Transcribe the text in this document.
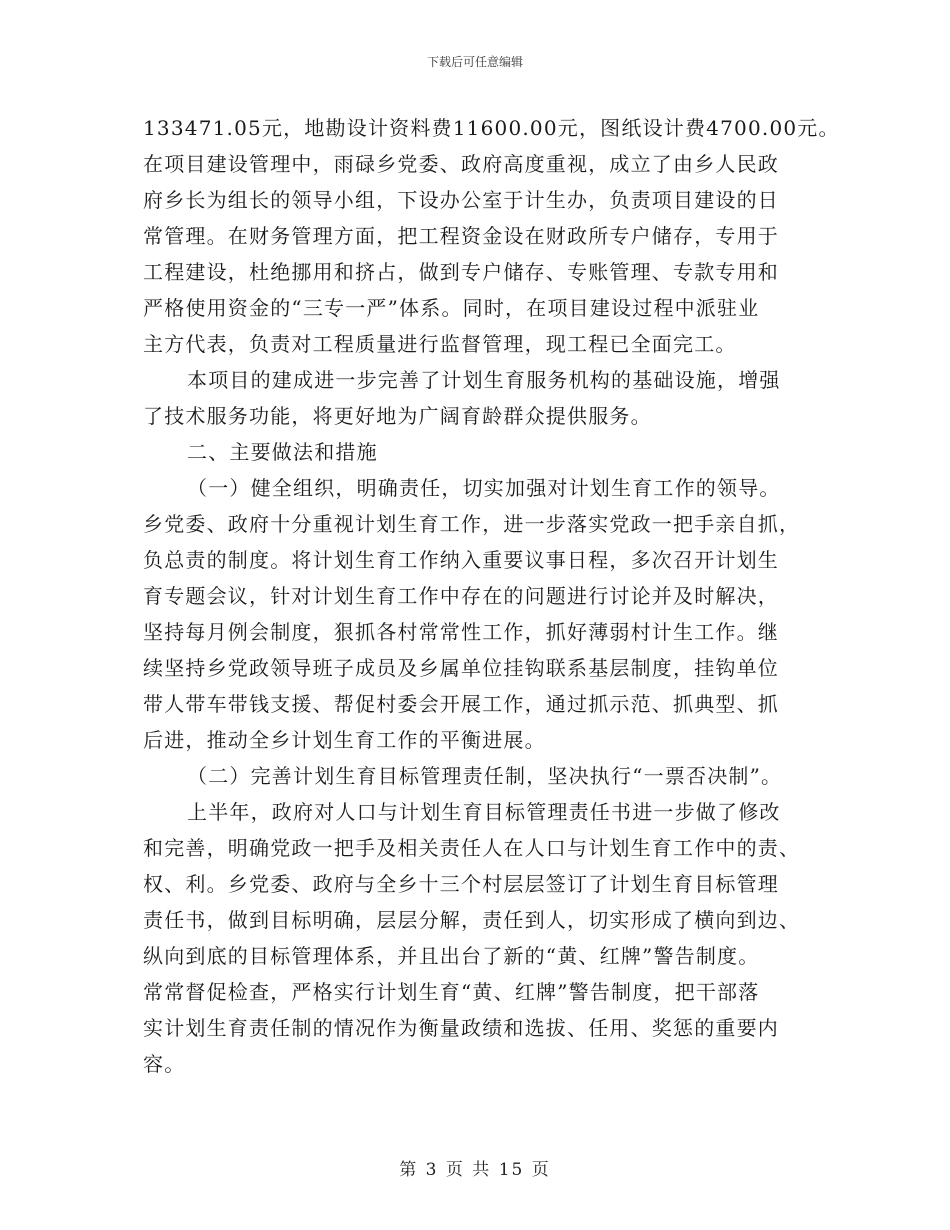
下载后可任意编辑
133471.05元，地勘设计资料费11600.00元，图纸设计费4700.00元。
在项目建设管理中，雨碌乡党委、政府高度重视，成立了由乡人民政
府乡长为组长的领导小组，下设办公室于计生办，负责项目建设的日
常管理。在财务管理方面，把工程资金设在财政所专户储存，专用于
工程建设，杜绝挪用和挤占，做到专户储存、专账管理、专款专用和
严格使用资金的“三专一严”体系。同时，在项目建设过程中派驻业
主方代表，负责对工程质量进行监督管理，现工程已全面完工。
本项目的建成进一步完善了计划生育服务机构的基础设施，增强
了技术服务功能，将更好地为广阔育龄群众提供服务。
二、主要做法和措施
（一）健全组织，明确责任，切实加强对计划生育工作的领导。
乡党委、政府十分重视计划生育工作，进一步落实党政一把手亲自抓，
负总责的制度。将计划生育工作纳入重要议事日程，多次召开计划生
育专题会议，针对计划生育工作中存在的问题进行讨论并及时解决，
坚持每月例会制度，狠抓各村常常性工作，抓好薄弱村计生工作。继
续坚持乡党政领导班子成员及乡属单位挂钩联系基层制度，挂钩单位
带人带车带钱支援、帮促村委会开展工作，通过抓示范、抓典型、抓
后进，推动全乡计划生育工作的平衡进展。
（二）完善计划生育目标管理责任制，坚决执行“一票否决制”。
上半年，政府对人口与计划生育目标管理责任书进一步做了修改
和完善，明确党政一把手及相关责任人在人口与计划生育工作中的责、
权、利。乡党委、政府与全乡十三个村层层签订了计划生育目标管理
责任书，做到目标明确，层层分解，责任到人，切实形成了横向到边、
纵向到底的目标管理体系，并且出台了新的“黄、红牌”警告制度。
常常督促检查，严格实行计划生育“黄、红牌”警告制度，把干部落
实计划生育责任制的情况作为衡量政绩和选拔、任用、奖惩的重要内
容。
第 3 页 共 15 页
